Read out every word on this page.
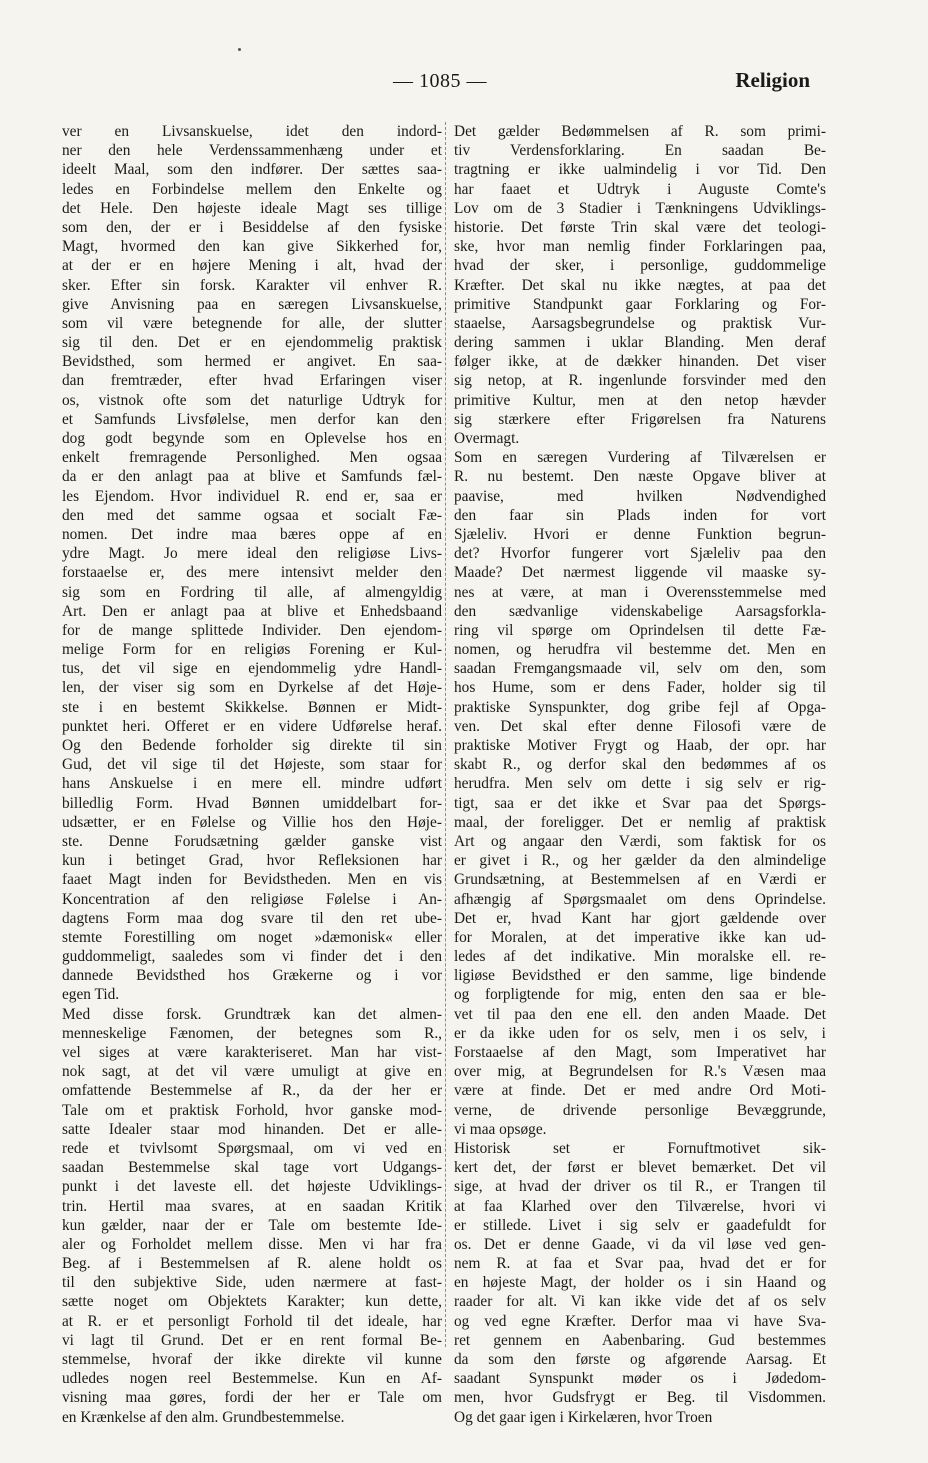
— 1085 —	Religion
ver en Livsanskuelse, idet den indord-
ner den hele Verdenssammenhæng under et
ideelt Maal, som den indfører. Der sættes saa-
ledes en Forbindelse mellem den Enkelte og
det Hele. Den højeste ideale Magt ses tillige
som den, der er i Besiddelse af den fysiske
Magt, hvormed den kan give Sikkerhed for,
at der er en højere Mening i alt, hvad der
sker. Efter sin forsk. Karakter vil enhver R.
give Anvisning paa en særegen Livsanskuelse,
som vil være betegnende for alle, der slutter
sig til den. Det er en ejendommelig praktisk
Bevidsthed, som hermed er angivet. En saa-
dan fremtræder, efter hvad Erfaringen viser
os, vistnok ofte som det naturlige Udtryk for
et Samfunds Livsfølelse, men derfor kan den
dog godt begynde som en Oplevelse hos en
enkelt fremragende Personlighed. Men ogsaa
da er den anlagt paa at blive et Samfunds fæl-
les Ejendom. Hvor individuel R. end er, saa er
den med det samme ogsaa et socialt Fæ-
nomen. Det indre maa bæres oppe af en
ydre Magt. Jo mere ideal den religiøse Livs-
forstaaelse er, des mere intensivt melder den
sig som en Fordring til alle, af almengyldig
Art. Den er anlagt paa at blive et Enhedsbaand
for de mange splittede Individer. Den ejendom-
melige Form for en religiøs Forening er Kul-
tus, det vil sige en ejendommelig ydre Handl-
len, der viser sig som en Dyrkelse af det Høje-
ste i en bestemt Skikkelse. Bønnen er Midt-
punktet heri. Offeret er en videre Udførelse heraf.
Og den Bedende forholder sig direkte til sin
Gud, det vil sige til det Højeste, som staar for
hans Anskuelse i en mere ell. mindre udført
billedlig Form. Hvad Bønnen umiddelbart for-
udsætter, er en Følelse og Villie hos den Høje-
ste. Denne Forudsætning gælder ganske vist
kun i betinget Grad, hvor Refleksionen har
faaet Magt inden for Bevidstheden. Men en vis
Koncentration af den religiøse Følelse i An-
dagtens Form maa dog svare til den ret ube-
stemte Forestilling om noget »dæmonisk« eller
guddommeligt, saaledes som vi finder det i den
dannede Bevidsthed hos Grækerne og i vor
egen Tid.
Med disse forsk. Grundtræk kan det almen-
menneskelige Fænomen, der betegnes som R.,
vel siges at være karakteriseret. Man har vist-
nok sagt, at det vil være umuligt at give en
omfattende Bestemmelse af R., da der her er
Tale om et praktisk Forhold, hvor ganske mod-
satte Idealer staar mod hinanden. Det er alle-
rede et tvivlsomt Spørgsmaal, om vi ved en
saadan Bestemmelse skal tage vort Udgangs-
punkt i det laveste ell. det højeste Udviklings-
trin. Hertil maa svares, at en saadan Kritik
kun gælder, naar der er Tale om bestemte Ide-
aler og Forholdet mellem disse. Men vi har fra
Beg. af i Bestemmelsen af R. alene holdt os
til den subjektive Side, uden nærmere at fast-
sætte noget om Objektets Karakter; kun dette,
at R. er et personligt Forhold til det ideale, har
vi lagt til Grund. Det er en rent formal Be-
stemmelse, hvoraf der ikke direkte vil kunne
udledes nogen reel Bestemmelse. Kun en Af-
visning maa gøres, fordi der her er Tale om
en Krænkelse af den alm. Grundbestemmelse.
Det gælder Bedømmelsen af R. som primi-
tiv Verdensforklaring. En saadan Be-
tragtning er ikke ualmindelig i vor Tid. Den
har faaet et Udtryk i Auguste Comte's
Lov om de 3 Stadier i Tænkningens Udviklings-
historie. Det første Trin skal være det teologi-
ske, hvor man nemlig finder Forklaringen paa,
hvad der sker, i personlige, guddommelige
Kræfter. Det skal nu ikke nægtes, at paa det
primitive Standpunkt gaar Forklaring og For-
staaelse, Aarsagsbegrundelse og praktisk Vur-
dering sammen i uklar Blanding. Men deraf
følger ikke, at de dækker hinanden. Det viser
sig netop, at R. ingenlunde forsvinder med den
primitive Kultur, men at den netop hævder
sig stærkere efter Frigørelsen fra Naturens
Overmagt.
Som en særegen Vurdering af Tilværelsen er
R. nu bestemt. Den næste Opgave bliver at
paavise, med hvilken Nødvendighed
den faar sin Plads inden for vort
Sjæleliv. Hvori er denne Funktion begrun-
det? Hvorfor fungerer vort Sjæleliv paa den
Maade? Det nærmest liggende vil maaske sy-
nes at være, at man i Overensstemmelse med
den sædvanlige videnskabelige Aarsagsforkla-
ring vil spørge om Oprindelsen til dette Fæ-
nomen, og herudfra vil bestemme det. Men en
saadan Fremgangsmaade vil, selv om den, som
hos Hume, som er dens Fader, holder sig til
praktiske Synspunkter, dog gribe fejl af Opga-
ven. Det skal efter denne Filosofi være de
praktiske Motiver Frygt og Haab, der opr. har
skabt R., og derfor skal den bedømmes af os
herudfra. Men selv om dette i sig selv er rig-
tigt, saa er det ikke et Svar paa det Spørgs-
maal, der foreligger. Det er nemlig af praktisk
Art og angaar den Værdi, som faktisk for os
er givet i R., og her gælder da den almindelige
Grundsætning, at Bestemmelsen af en Værdi er
afhængig af Spørgsmaalet om dens Oprindelse.
Det er, hvad Kant har gjort gældende over
for Moralen, at det imperative ikke kan ud-
ledes af det indikative. Min moralske ell. re-
ligiøse Bevidsthed er den samme, lige bindende
og forpligtende for mig, enten den saa er ble-
vet til paa den ene ell. den anden Maade. Det
er da ikke uden for os selv, men i os selv, i
Forstaaelse af den Magt, som Imperativet har
over mig, at Begrundelsen for R.'s Væsen maa
være at finde. Det er med andre Ord Moti-
verne, de drivende personlige Bevæggrunde,
vi maa opsøge.
Historisk set er Fornuftmotivet sik-
kert det, der først er blevet bemærket. Det vil
sige, at hvad der driver os til R., er Trangen til
at faa Klarhed over den Tilværelse, hvori vi
er stillede. Livet i sig selv er gaadefuldt for
os. Det er denne Gaade, vi da vil løse ved gen-
nem R. at faa et Svar paa, hvad det er for
en højeste Magt, der holder os i sin Haand og
raader for alt. Vi kan ikke vide det af os selv
og ved egne Kræfter. Derfor maa vi have Sva-
ret gennem en Aabenbaring. Gud bestemmes
da som den første og afgørende Aarsag. Et
saadant Synspunkt møder os i Jødedom-
men, hvor Gudsfrygt er Beg. til Visdommen.
Og det gaar igen i Kirkelæren, hvor Troen
